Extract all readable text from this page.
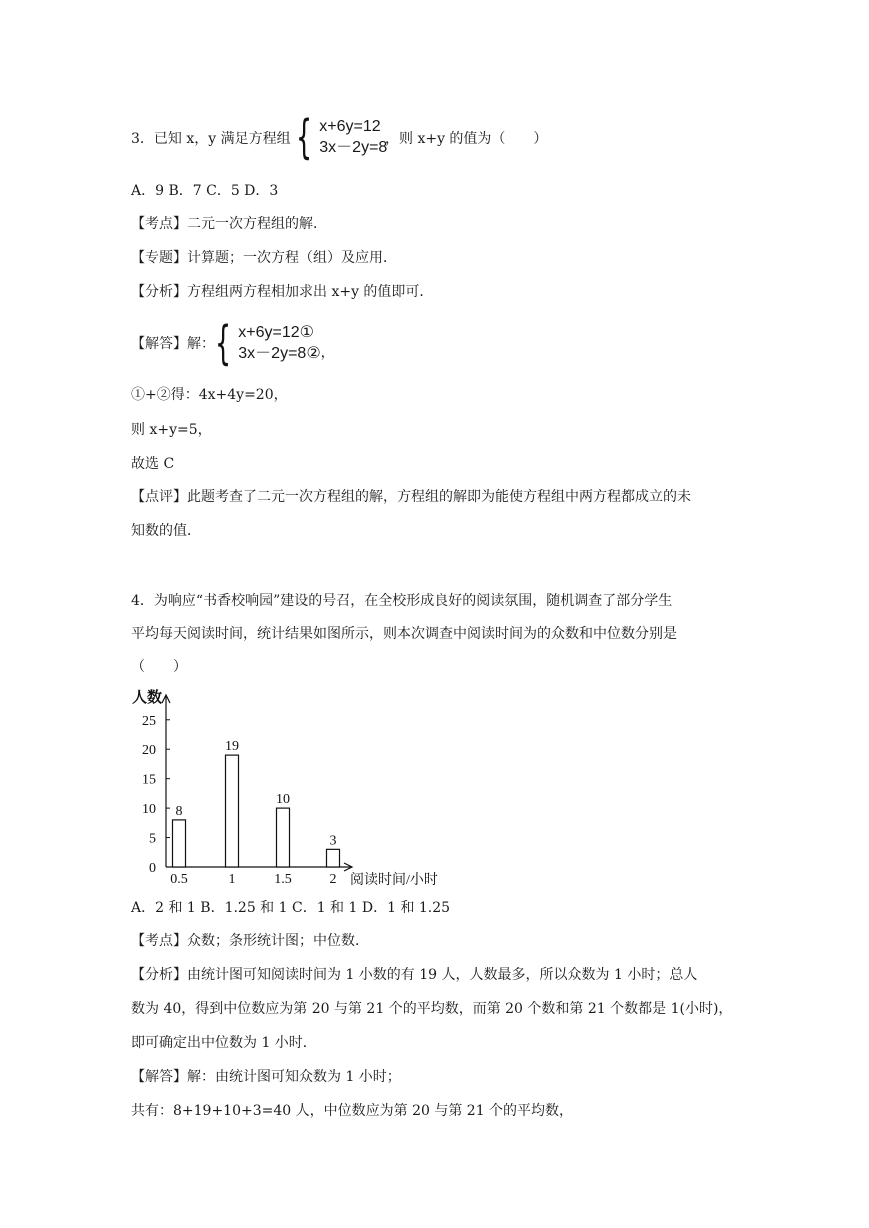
3．已知 x，y 满足方程组 { x+6y=12
3x－2y=8
，则 x+y 的值为（　　）
A．9 B．7 C．5 D．3
【考点】二元一次方程组的解．
【专题】计算题；一次方程（组）及应用．
【分析】方程组两方程相加求出 x+y 的值即可．
【解答】解： { x+6y=12①
3x－2y=8② ，
①+②得：4x+4y=20，
则 x+y=5，
故选 C
【点评】此题考查了二元一次方程组的解，方程组的解即为能使方程组中两方程都成立的未
知数的值．
4．为响应“书香校响园”建设的号召，在全校形成良好的阅读氛围，随机调查了部分学生
平均每天阅读时间，统计结果如图所示，则本次调查中阅读时间为的众数和中位数分别是
（　　）
0
5
10
15
20
25
0.5	1	1.5	2
8
19
10
3
人数
阅读时间/小时
A．2 和 1 B．1.25 和 1 C．1 和 1 D．1 和 1.25
【考点】众数；条形统计图；中位数．
【分析】由统计图可知阅读时间为 1 小数的有 19 人，人数最多，所以众数为 1 小时；总人
数为 40，得到中位数应为第 20 与第 21 个的平均数，而第 20 个数和第 21 个数都是 1(小时)，
即可确定出中位数为 1 小时．
【解答】解：由统计图可知众数为 1 小时；
共有：8+19+10+3=40 人，中位数应为第 20 与第 21 个的平均数，
